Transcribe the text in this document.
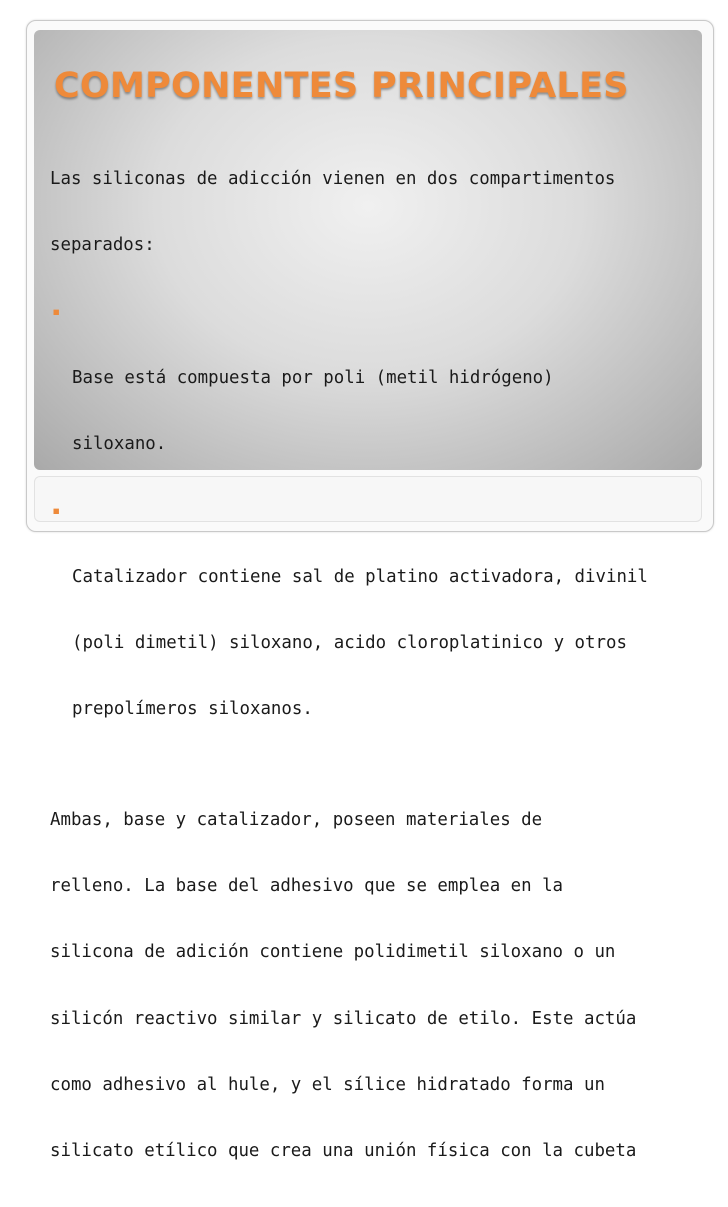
COMPONENTES PRINCIPALES

Las siliconas de adicción vienen en dos compartimentos

separados:

▪

Base está compuesta por poli (metil hidrógeno)

siloxano.

▪

Catalizador contiene sal de platino activadora, divinil

(poli dimetil) siloxano, acido cloroplatinico y otros

prepolímeros siloxanos.

Ambas, base y catalizador, poseen materiales de

relleno. La base del adhesivo que se emplea en la

silicona de adición contiene polidimetil siloxano o un

silicón reactivo similar y silicato de etilo. Este actúa

como adhesivo al hule, y el sílice hidratado forma un

silicato etílico que crea una unión física con la cubeta
